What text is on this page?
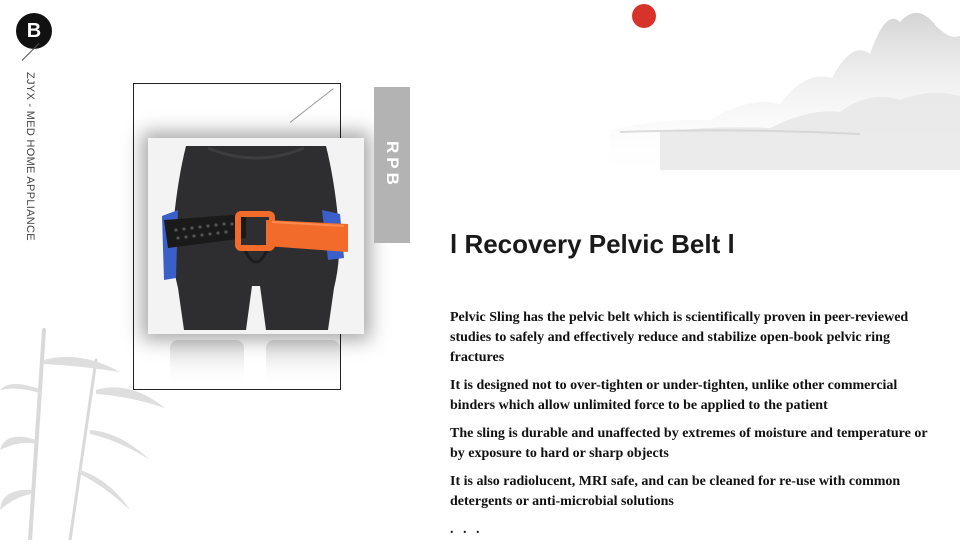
B
ZJYX - MED HOME APPLIANCE	RPB
l Recovery Pelvic Belt l

Pelvic Sling has the pelvic belt which is scientifically proven in peer-reviewed studies to safely and effectively reduce and stabilize open-book pelvic ring fractures

It is designed not to over-tighten or under-tighten, unlike other commercial binders which allow unlimited force to be applied to the patient

The sling is durable and unaffected by extremes of moisture and temperature or by exposure to hard or sharp objects

It is also radiolucent, MRI safe, and can be cleaned for re-use with common detergents or anti-microbial solutions

. . .
